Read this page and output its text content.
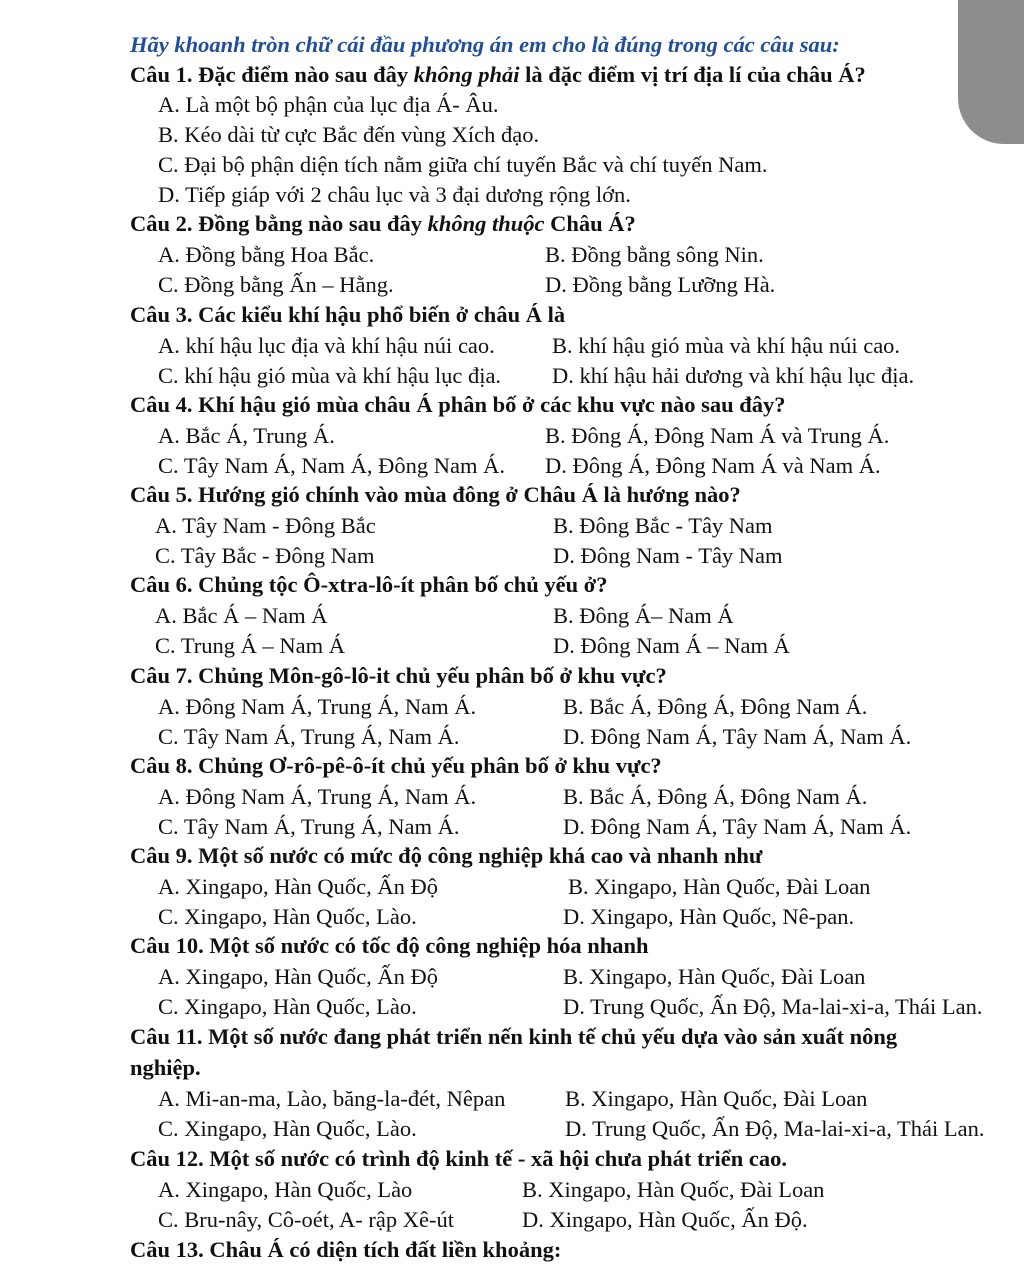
Hãy khoanh tròn chữ cái đầu phương án em cho là đúng trong các câu sau:
Câu 1. Đặc điểm nào sau đây không phải là đặc điểm vị trí địa lí của châu Á?
A. Là một bộ phận của lục địa Á- Âu.
B. Kéo dài từ cực Bắc đến vùng Xích đạo.
C. Đại bộ phận diện tích nằm giữa chí tuyến Bắc và chí tuyến Nam.
D. Tiếp giáp với 2 châu lục và 3 đại dương rộng lớn.
Câu 2. Đồng bằng nào sau đây không thuộc Châu Á?
A. Đồng bằng Hoa Bắc.	B. Đồng bằng sông Nin.
C. Đồng bằng Ấn – Hằng.	D. Đồng bằng Lưỡng Hà.
Câu 3. Các kiểu khí hậu phổ biến ở châu Á là
A. khí hậu lục địa và khí hậu núi cao.	B. khí hậu gió mùa và khí hậu núi cao.
C. khí hậu gió mùa và khí hậu lục địa. D. khí hậu hải dương và khí hậu lục địa.
Câu 4. Khí hậu gió mùa châu Á phân bố ở các khu vực nào sau đây?
A. Bắc Á, Trung Á.	B. Đông Á, Đông Nam Á và Trung Á.
C. Tây Nam Á, Nam Á, Đông Nam Á. D. Đông Á, Đông Nam Á và Nam Á.
Câu 5. Hướng gió chính vào mùa đông ở Châu Á là hướng nào?
A. Tây Nam - Đông Bắc	B. Đông Bắc - Tây Nam
C. Tây Bắc - Đông Nam	D. Đông Nam - Tây Nam
Câu 6. Chủng tộc Ô-xtra-lô-ít phân bố chủ yếu ở?
A. Bắc Á – Nam Á	B. Đông Á– Nam Á
C. Trung Á – Nam Á	D. Đông Nam Á – Nam Á
Câu 7. Chủng Môn-gô-lô-it chủ yếu phân bố ở khu vực?
A. Đông Nam Á, Trung Á, Nam Á.	B. Bắc Á, Đông Á, Đông Nam Á.
C. Tây Nam Á, Trung Á, Nam Á.	D. Đông Nam Á, Tây Nam Á, Nam Á.
Câu 8. Chủng Ơ-rô-pê-ô-ít chủ yếu phân bố ở khu vực?
A. Đông Nam Á, Trung Á, Nam Á.	B. Bắc Á, Đông Á, Đông Nam Á.
C. Tây Nam Á, Trung Á, Nam Á.	D. Đông Nam Á, Tây Nam Á, Nam Á.
Câu 9. Một số nước có mức độ công nghiệp khá cao và nhanh như
A. Xingapo, Hàn Quốc, Ấn Độ	B. Xingapo, Hàn Quốc, Đài Loan
C. Xingapo, Hàn Quốc, Lào.	D. Xingapo, Hàn Quốc, Nê-pan.
Câu 10. Một số nước có tốc độ công nghiệp hóa nhanh
A. Xingapo, Hàn Quốc, Ấn Độ	B. Xingapo, Hàn Quốc, Đài Loan
C. Xingapo, Hàn Quốc, Lào.	D. Trung Quốc, Ấn Độ, Ma-lai-xi-a, Thái Lan.
Câu 11. Một số nước đang phát triển nến kinh tế chủ yếu dựa vào sản xuất nông
nghiệp.
A. Mi-an-ma, Lào, băng-la-đét, Nêpan	B. Xingapo, Hàn Quốc, Đài Loan
C. Xingapo, Hàn Quốc, Lào.	D. Trung Quốc, Ấn Độ, Ma-lai-xi-a, Thái Lan.
Câu 12. Một số nước có trình độ kinh tế - xã hội chưa phát triển cao.
A. Xingapo, Hàn Quốc, Lào	B. Xingapo, Hàn Quốc, Đài Loan
C. Bru-nây, Cô-oét, A- rập Xê-út	D. Xingapo, Hàn Quốc, Ấn Độ.
Câu 13. Châu Á có diện tích đất liền khoảng:
